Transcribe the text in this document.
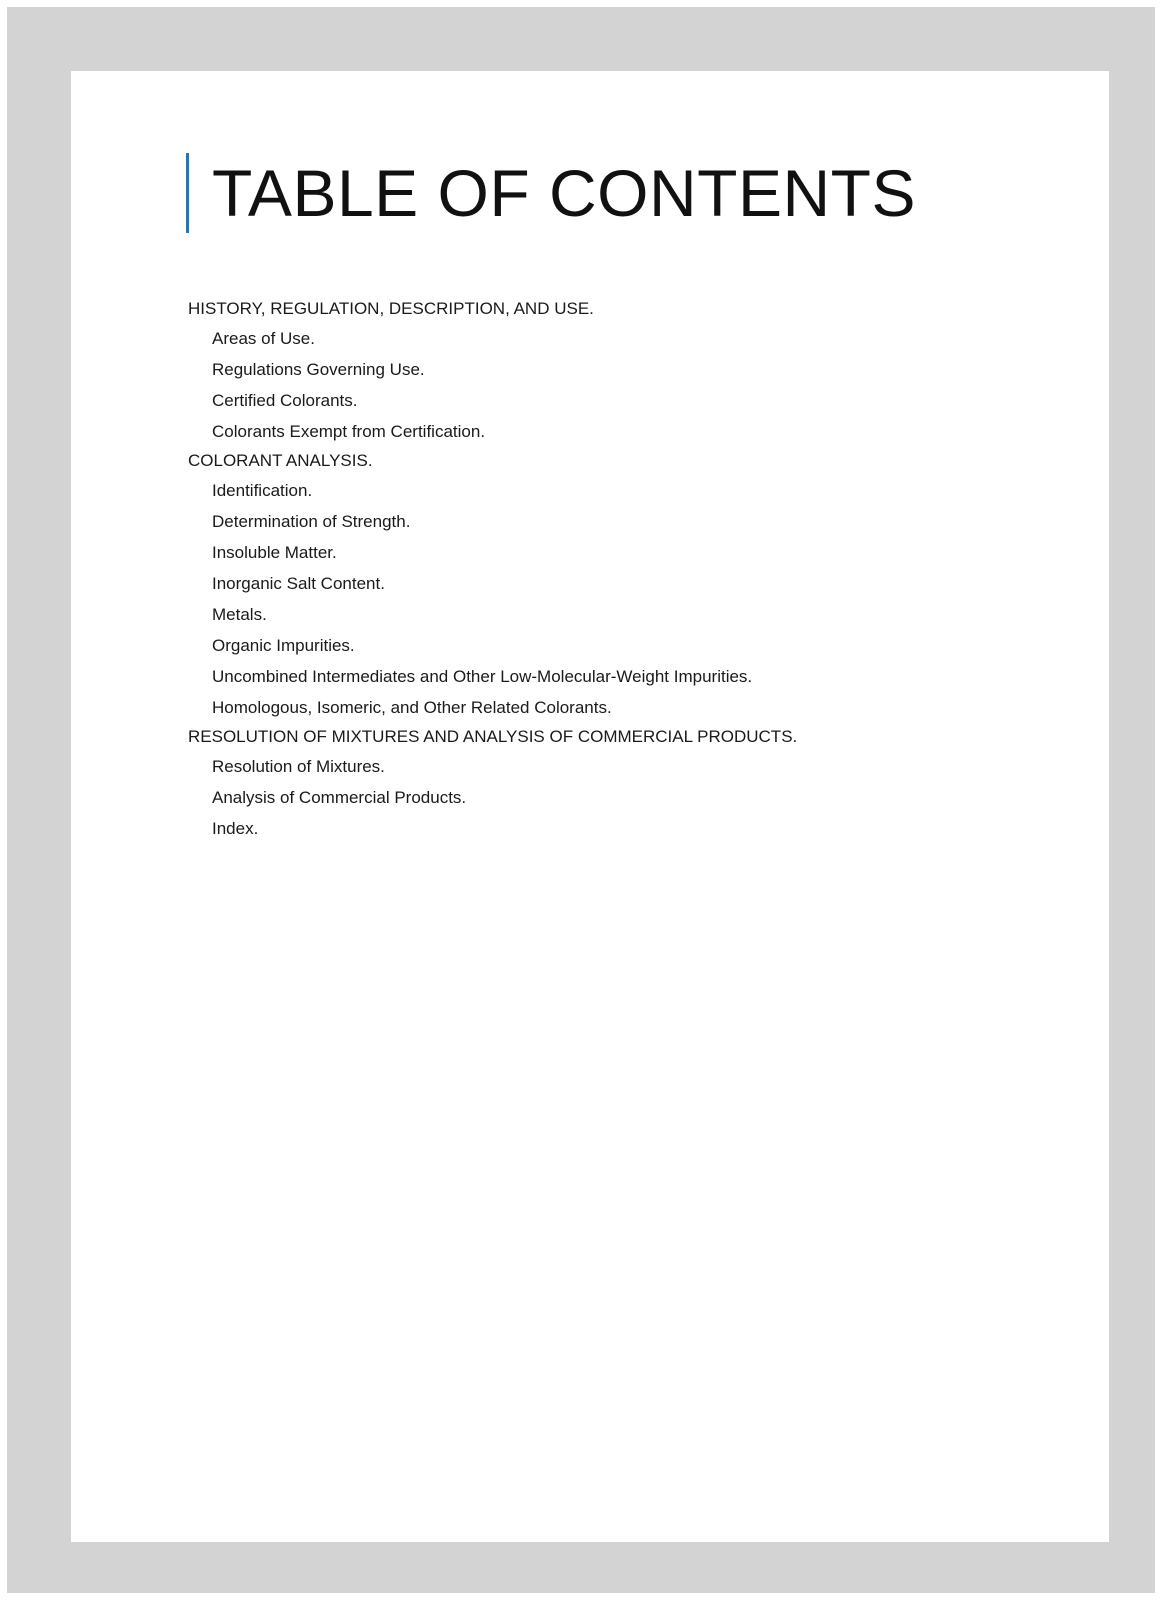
TABLE OF CONTENTS
HISTORY, REGULATION, DESCRIPTION, AND USE.
Areas of Use.
Regulations Governing Use.
Certified Colorants.
Colorants Exempt from Certification.
COLORANT ANALYSIS.
Identification.
Determination of Strength.
Insoluble Matter.
Inorganic Salt Content.
Metals.
Organic Impurities.
Uncombined Intermediates and Other Low-Molecular-Weight Impurities.
Homologous, Isomeric, and Other Related Colorants.
RESOLUTION OF MIXTURES AND ANALYSIS OF COMMERCIAL PRODUCTS.
Resolution of Mixtures.
Analysis of Commercial Products.
Index.
